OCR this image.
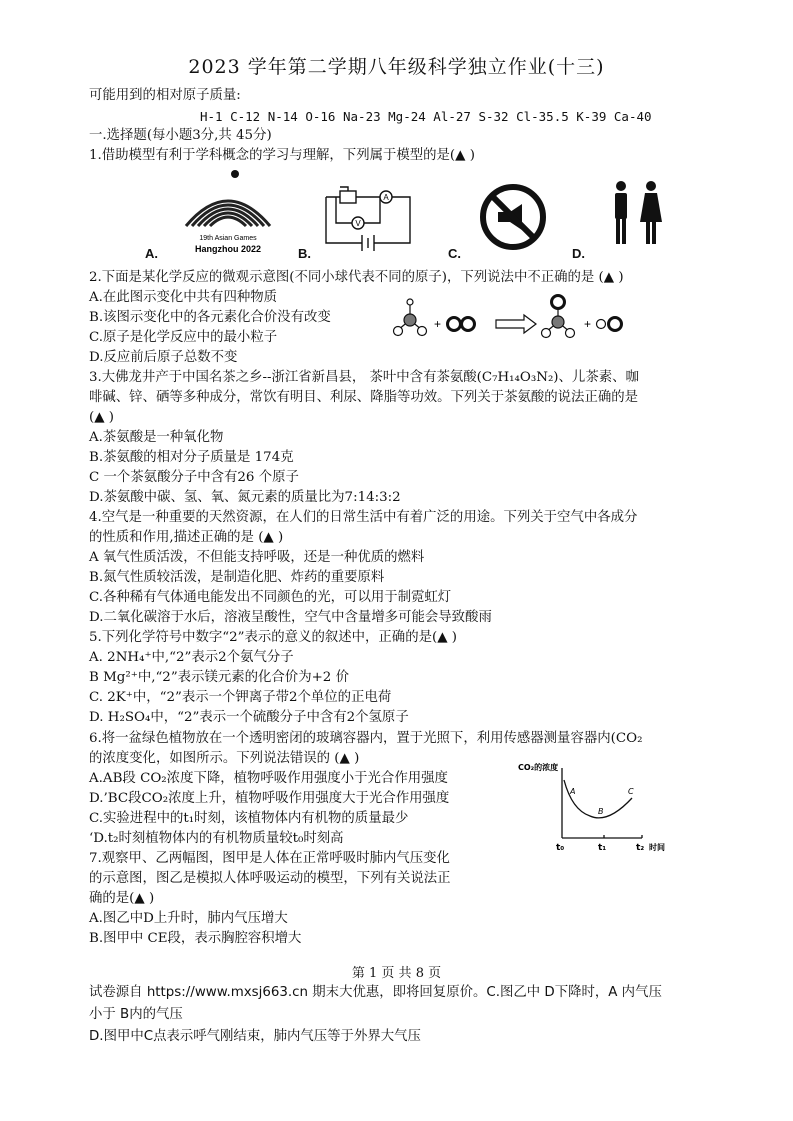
2023 学年第二学期八年级科学独立作业(十三)
可能用到的相对原子质量:
H-1 C-12 N-14 O-16 Na-23 Mg-24 Al-27 S-32 Cl-35.5 K-39 Ca-40
一.选择题(每小题3分,共 45分)
1.借助模型有利于学科概念的学习与理解，下列属于模型的是(▲ )
19th Asian Games
Hangzhou 2022
A.
A
V
B.	C.	D.
2.下面是某化学反应的微观示意图(不同小球代表不同的原子)，下列说法中不正确的是 (▲ )
A.在此图示变化中共有四种物质
B.该图示变化中的各元素化合价没有改变
C.原子是化学反应中的最小粒子
D.反应前后原子总数不变
+	+
3.大佛龙井产于中国名茶之乡--浙江省新昌县， 茶叶中含有茶氨酸(C₇H₁₄O₃N₂)、儿茶素、咖
啡碱、锌、硒等多种成分，常饮有明目、利尿、降脂等功效。下列关于茶氨酸的说法正确的是
(▲ )
A.茶氨酸是一种氧化物
B.茶氨酸的相对分子质量是 174克
C 一个茶氨酸分子中含有26 个原子
D.茶氨酸中碳、氢、氧、氮元素的质量比为7:14:3:2
4.空气是一种重要的天然资源，在人们的日常生活中有着广泛的用途。下列关于空气中各成分
的性质和作用,描述正确的是 (▲ )
A 氧气性质活泼，不但能支持呼吸，还是一种优质的燃料
B.氮气性质较活泼，是制造化肥、炸药的重要原料
C.各种稀有气体通电能发出不同颜色的光，可以用于制霓虹灯
D.二氧化碳溶于水后，溶液呈酸性，空气中含量增多可能会导致酸雨
5.下列化学符号中数字“2”表示的意义的叙述中，正确的是(▲ )
A. 2NH₄⁺中,“2”表示2个氨气分子
B Mg²⁺中,“2”表示镁元素的化合价为+2 价
C. 2K⁺中，“2”表示一个钾离子带2个单位的正电荷
D. H₂SO₄中，“2”表示一个硫酸分子中含有2个氢原子
6.将一盆绿色植物放在一个透明密闭的玻璃容器内，置于光照下，利用传感器测量容器内(CO₂
的浓度变化，如图所示。下列说法错误的 (▲ )
A.AB段 CO₂浓度下降，植物呼吸作用强度小于光合作用强度
D.’BC段CO₂浓度上升，植物呼吸作用强度大于光合作用强度
C.实验进程中的t₁时刻，该植物体内有机物的质量最少
‘D.t₂时刻植物体内的有机物质量较t₀时刻高
CO₂的浓度
t₀	t₁	t₂ 时间
A
B
C
7.观察甲、乙两幅图，图甲是人体在正常呼吸时肺内气压变化
的示意图，图乙是模拟人体呼吸运动的模型，下列有关说法正
确的是(▲ )
A.图乙中D上升时，肺内气压增大
B.图甲中 CE段，表示胸腔容积增大
第 1 页 共 8 页
试卷源自 https://www.mxsj663.cn 期末大优惠，即将回复原价。C.图乙中 D下降时，A 内气压
小于 B内的气压
D.图甲中C点表示呼气刚结束，肺内气压等于外界大气压
